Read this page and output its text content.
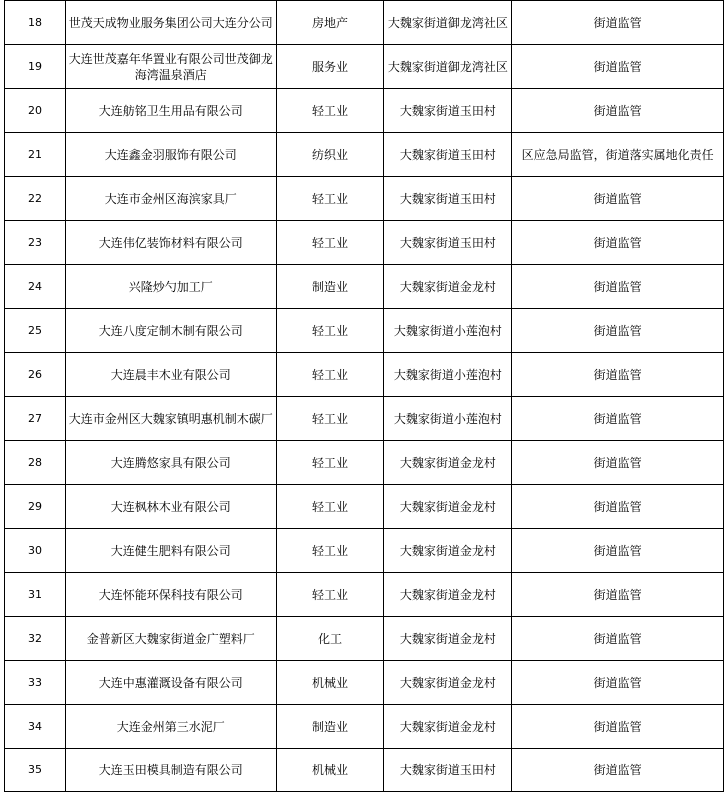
18	世茂天成物业服务集团公司大连分公司	房地产	大魏家街道御龙湾社区	街道监管
19	大连世茂嘉年华置业有限公司世茂御龙海湾温泉酒店	服务业	大魏家街道御龙湾社区	街道监管
20	大连舫铭卫生用品有限公司	轻工业	大魏家街道玉田村	街道监管
21	大连鑫金羽服饰有限公司	纺织业	大魏家街道玉田村	区应急局监管，街道落实属地化责任
22	大连市金州区海滨家具厂	轻工业	大魏家街道玉田村	街道监管
23	大连伟亿装饰材料有限公司	轻工业	大魏家街道玉田村	街道监管
24	兴隆炒勺加工厂	制造业	大魏家街道金龙村	街道监管
25	大连八度定制木制有限公司	轻工业	大魏家街道小莲泡村	街道监管
26	大连晨丰木业有限公司	轻工业	大魏家街道小莲泡村	街道监管
27	大连市金州区大魏家镇明惠机制木碳厂	轻工业	大魏家街道小莲泡村	街道监管
28	大连腾悠家具有限公司	轻工业	大魏家街道金龙村	街道监管
29	大连枫林木业有限公司	轻工业	大魏家街道金龙村	街道监管
30	大连健生肥料有限公司	轻工业	大魏家街道金龙村	街道监管
31	大连怀能环保科技有限公司	轻工业	大魏家街道金龙村	街道监管
32	金普新区大魏家街道金广塑料厂	化工	大魏家街道金龙村	街道监管
33	大连中惠灌溉设备有限公司	机械业	大魏家街道金龙村	街道监管
34	大连金州第三水泥厂	制造业	大魏家街道金龙村	街道监管
35	大连玉田模具制造有限公司	机械业	大魏家街道玉田村	街道监管
